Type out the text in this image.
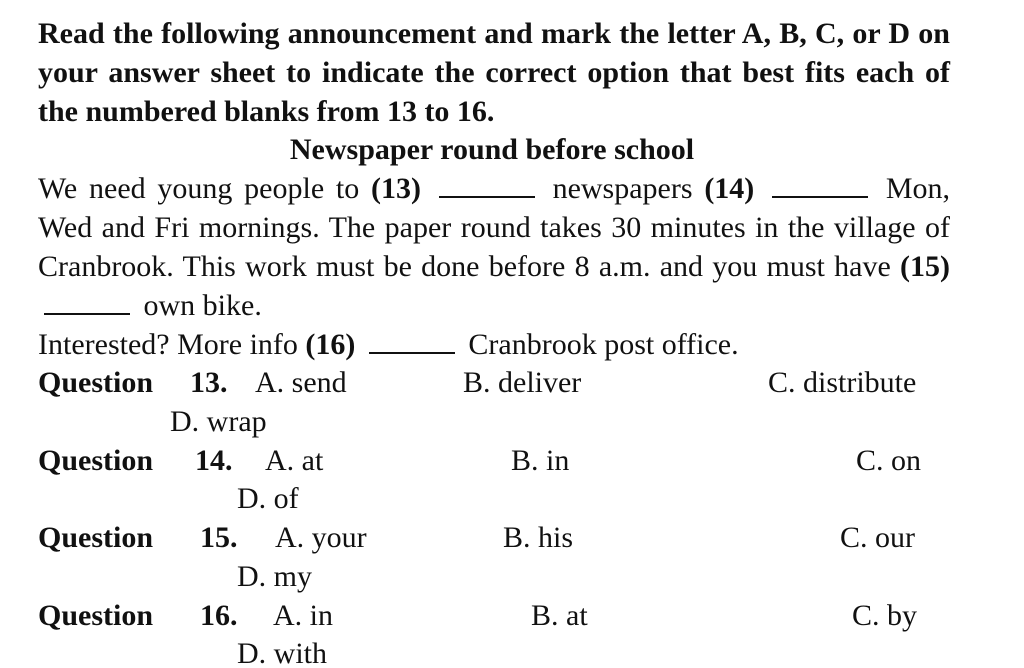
Read the following announcement and mark the letter A, B, C, or D on your answer sheet to indicate the correct option that best fits each of the numbered blanks from 13 to 16.
Newspaper round before school

We need young people to (13)	newspapers (14)	Mon, Wed and Fri mornings. The paper round takes 30 minutes in the village of Cranbrook. This work must be done before 8 a.m. and you must have (15)  own bike.

Interested? More info (16)	Cranbrook post office.

Question 13. A. send	B. deliver	C. distribute
D. wrap
Question 14. A. at	B. in	C. on
D. of
Question 15. A. your	B. his	C. our
D. my
Question 16. A. in	B. at	C. by
D. with
